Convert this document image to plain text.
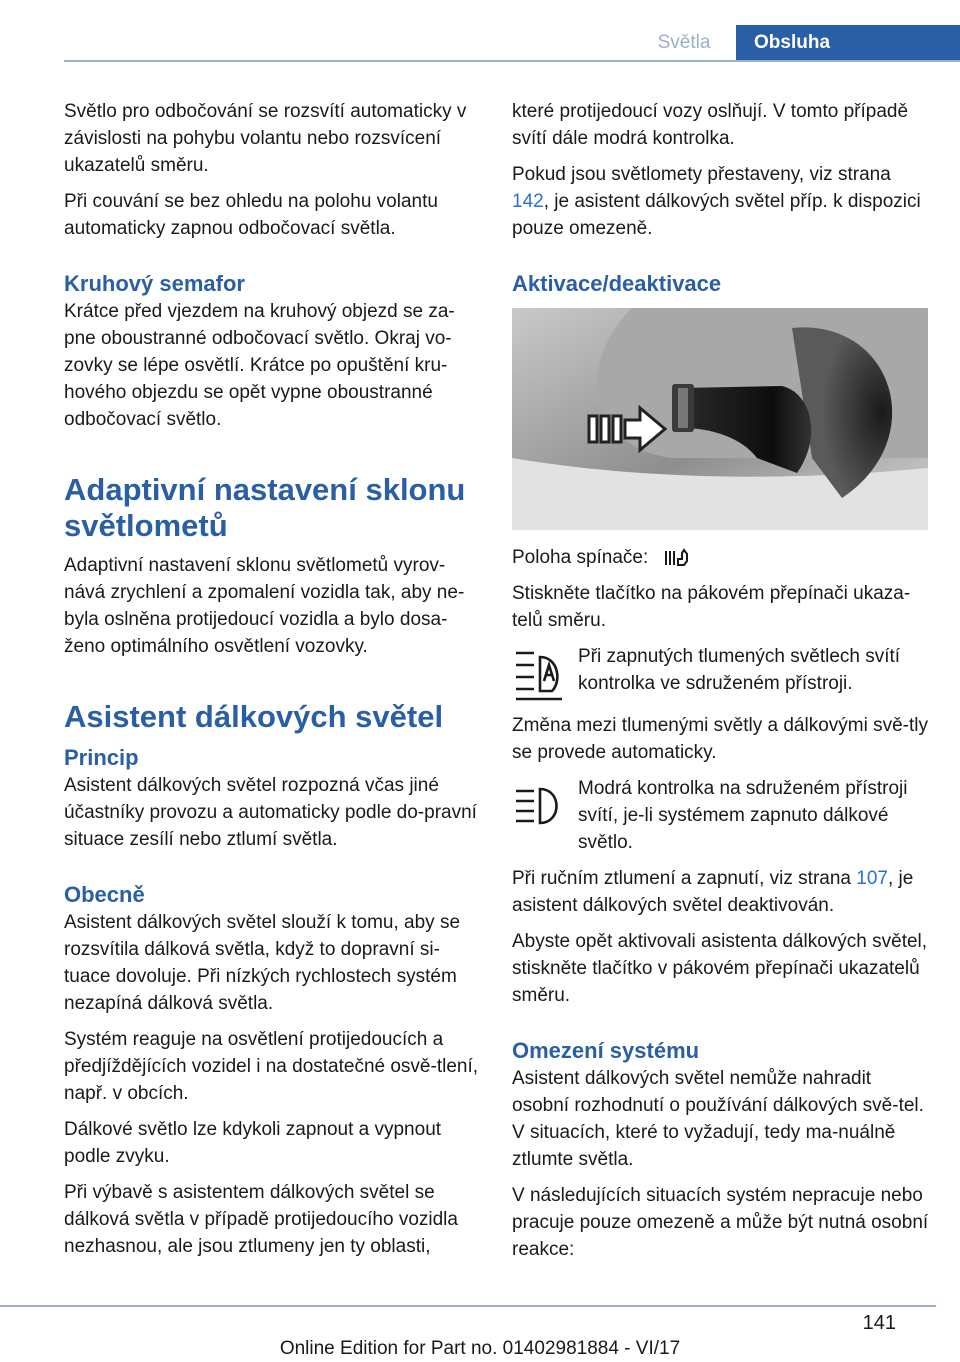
Světla	Obsluha

Světlo pro odbočování se rozsvítí automaticky v závislosti na pohybu volantu nebo rozsvícení ukazatelů směru.

Při couvání se bez ohledu na polohu volantu automaticky zapnou odbočovací světla.

Kruhový semafor

Krátce před vjezdem na kruhový objezd se za‐pne oboustranné odbočovací světlo. Okraj vo‐zovky se lépe osvětlí. Krátce po opuštění kru‐hového objezdu se opět vypne oboustranné odbočovací světlo.

Adaptivní nastavení sklonu světlometů

Adaptivní nastavení sklonu světlometů vyrov‐nává zrychlení a zpomalení vozidla tak, aby ne‐byla oslněna protijedoucí vozidla a bylo dosa‐ženo optimálního osvětlení vozovky.

Asistent dálkových světel
Princip

Asistent dálkových světel rozpozná včas jiné účastníky provozu a automaticky podle do‐pravní situace zesílí nebo ztlumí světla.

Obecně

Asistent dálkových světel slouží k tomu, aby se rozsvítila dálková světla, když to dopravní si‐tuace dovoluje. Při nízkých rychlostech systém nezapíná dálková světla.

Systém reaguje na osvětlení protijedoucích a předjíždějících vozidel i na dostatečné osvě‐tlení, např. v obcích.

Dálkové světlo lze kdykoli zapnout a vypnout podle zvyku.

Při výbavě s asistentem dálkových světel se dálková světla v případě protijedoucího vozidla nezhasnou, ale jsou ztlumeny jen ty oblasti,

které protijedoucí vozy oslňují. V tomto případě svítí dále modrá kontrolka.

Pokud jsou světlomety přestaveny, viz strana 142, je asistent dálkových světel příp. k dispozici pouze omezeně.

Aktivace/deaktivace

Poloha spínače:

Stiskněte tlačítko na pákovém přepínači ukaza‐telů směru.

Při zapnutých tlumených světlech svítí kontrolka ve sdruženém přístroji.

Změna mezi tlumenými světly a dálkovými svě‐tly se provede automaticky.

Modrá kontrolka na sdruženém přístroji svítí, je-li systémem zapnuto dálkové světlo.

Při ručním ztlumení a zapnutí, viz strana 107, je asistent dálkových světel deaktivován.

Abyste opět aktivovali asistenta dálkových světel, stiskněte tlačítko v pákovém přepínači ukazatelů směru.

Omezení systému

Asistent dálkových světel nemůže nahradit osobní rozhodnutí o používání dálkových svě‐tel. V situacích, které to vyžadují, tedy ma‐nuálně ztlumte světla.

V následujících situacích systém nepracuje nebo pracuje pouze omezeně a může být nutná osobní reakce:

141
Online Edition for Part no. 01402981884 - VI/17
